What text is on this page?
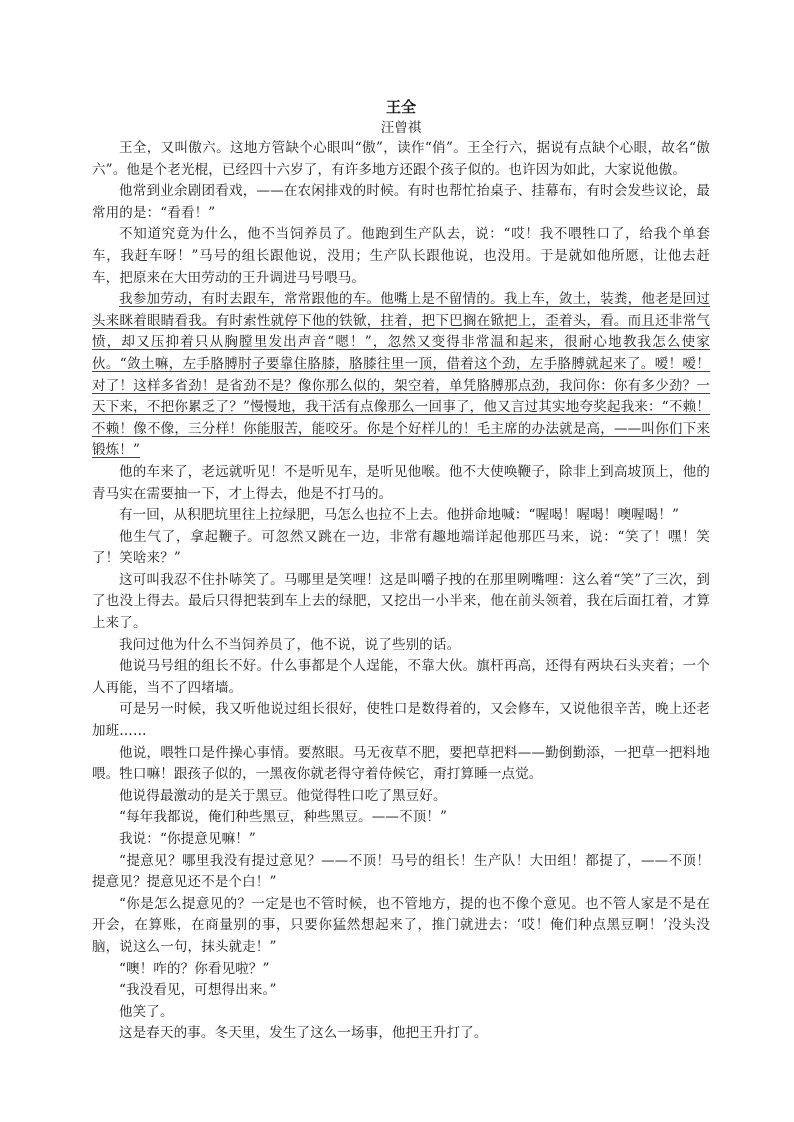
王全
汪曾祺

王全，又叫傲六。这地方管缺个心眼叫“傲”，读作“俏”。王全行六，据说有点缺个心眼，故名“傲六”。他是个老光棍，已经四十六岁了，有许多地方还跟个孩子似的。也许因为如此，大家说他傲。

他常到业余剧团看戏，——在农闲排戏的时候。有时也帮忙抬桌子、挂幕布，有时会发些议论，最常用的是：“看看！”

不知道究竟为什么，他不当饲养员了。他跑到生产队去，说：“哎！我不喂牲口了，给我个单套车，我赶车呀！”马号的组长跟他说，没用；生产队长跟他说，也没用。于是就如他所愿，让他去赶车，把原来在大田劳动的王升调进马号喂马。

我参加劳动，有时去跟车，常常跟他的车。他嘴上是不留情的。我上车，敛土，装粪，他老是回过头来眯着眼睛看我。有时索性就停下他的铁锨，拄着，把下巴搁在锨把上，歪着头，看。而且还非常气愤，却又压抑着只从胸膛里发出声音“嗯！”，忽然又变得非常温和起来，很耐心地教我怎么使家伙。“敛土嘛，左手胳膊肘子要靠住胳膝，胳膝往里一顶，借着这个劲，左手胳膊就起来了。嗳！嗳！对了！这样多省劲！是省劲不是？像你那么似的，架空着，单凭胳膊那点劲，我问你：你有多少劲？一天下来，不把你累乏了？”慢慢地，我干活有点像那么一回事了，他又言过其实地夸奖起我来：“不赖！不赖！像不像，三分样！你能服苦，能咬牙。你是个好样儿的！毛主席的办法就是高，——叫你们下来锻炼！”

他的车来了，老远就听见！不是听见车，是听见他喉。他不大使唤鞭子，除非上到高坡顶上，他的青马实在需要抽一下，才上得去，他是不打马的。

有一回，从积肥坑里往上拉绿肥，马怎么也拉不上去。他拼命地喊：“喔喝！喔喝！噢喔喝！”

他生气了，拿起鞭子。可忽然又跳在一边，非常有趣地端详起他那匹马来，说：“笑了！嘿！笑了！笑啥来？”

这可叫我忍不住扑哧笑了。马哪里是笑哩！这是叫嚼子拽的在那里咧嘴哩：这么着“笑”了三次，到了也没上得去。最后只得把装到车上去的绿肥，又挖出一小半来，他在前头领着，我在后面扛着，才算上来了。

我问过他为什么不当饲养员了，他不说，说了些别的话。

他说马号组的组长不好。什么事都是个人逞能，不靠大伙。旗杆再高，还得有两块石头夹着；一个人再能，当不了四堵墙。

可是另一时候，我又听他说过组长很好，使牲口是数得着的，又会修车，又说他很辛苦，晚上还老加班……

他说，喂牲口是件操心事情。要熬眼。马无夜草不肥，要把草把料——勤倒勤添，一把草一把料地喂。牲口嘛！跟孩子似的，一黑夜你就老得守着侍候它，甭打算睡一点觉。

他说得最激动的是关于黑豆。他觉得牲口吃了黑豆好。

“每年我都说，俺们种些黑豆，种些黑豆。——不顶！”

我说：“你提意见嘛！”

“提意见？哪里我没有提过意见？——不顶！马号的组长！生产队！大田组！都提了，——不顶！提意见？提意见还不是个白！”

“你是怎么提意见的？一定是也不管时候，也不管地方，提的也不像个意见。也不管人家是不是在开会，在算账，在商量别的事，只要你猛然想起来了，推门就进去：‘哎！俺们种点黑豆啊！’没头没脑，说这么一句，抹头就走！”

“噢！咋的？你看见啦？”

“我没看见，可想得出来。”

他笑了。

这是春天的事。冬天里，发生了这么一场事，他把王升打了。
